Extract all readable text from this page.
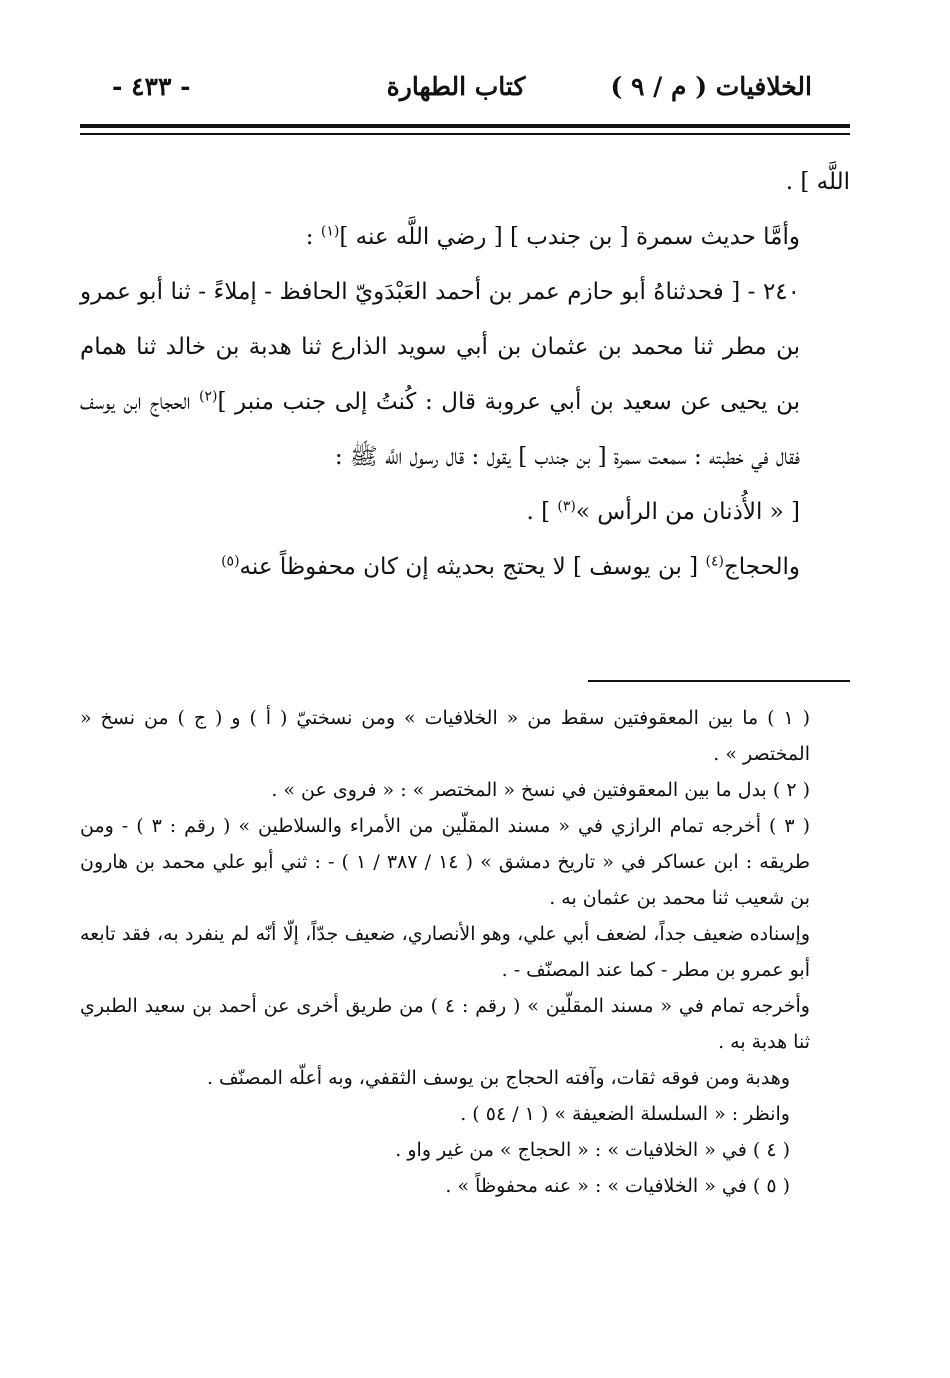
الخلافيات ( م / ٩ )
كتاب الطهارة
- ٤٣٣ -

اللَّه ] .

وأمَّا حديث سمرة [ بن جندب ] [ رضي اللَّه عنه ]$^{(١)}$ :

٢٤٠ - [ فحدثناهُ أبو حازم عمر بن أحمد العَبْدَويّ الحافظ - إملاءً - ثنا أبو عمرو بن مطر ثنا محمد بن عثمان بن أبي سويد الذارع ثنا هدبة بن خالد ثنا همام بن يحيى عن سعيد بن أبي عروبة قال : كُنتُ إلى جنب منبر ]$^{(٢)}$ الحجاج ابن يوسف فقال في خطبته : سمعت سمرة [ بن جندب ] يقول : قال رسول اللَّه ﷺ :

[ « الأُذنان من الرأس »$^{(٣)}$ ] .

والحجاج$^{(٤)}$ [ بن يوسف ] لا يحتج بحديثه إن كان محفوظاً عنه$^{(٥)}$

( ١ ) ما بين المعقوفتين سقط من « الخلافيات » ومن نسختيّ ( أ ) و ( ج ) من نسخ « المختصر » .

( ٢ ) بدل ما بين المعقوفتين في نسخ « المختصر » : « فروى عن » .

( ٣ ) أخرجه تمام الرازي في « مسند المقلّين من الأمراء والسلاطين » ( رقم : ٣ ) - ومن طريقه : ابن عساكر في « تاريخ دمشق » ( ١٤ / ٣٨٧ / ١ ) - : ثني أبو علي محمد بن هارون بن شعيب ثنا محمد بن عثمان به .

وإسناده ضعيف جداً، لضعف أبي علي، وهو الأنصاري، ضعيف جدّاً، إلّا أنّه لم ينفرد به، فقد تابعه أبو عمرو بن مطر - كما عند المصنّف - .

وأخرجه تمام في « مسند المقلّين » ( رقم : ٤ ) من طريق أخرى عن أحمد بن سعيد الطبري ثنا هدبة به .

وهدبة ومن فوقه ثقات، وآفته الحجاج بن يوسف الثقفي، وبه أعلّه المصنّف .

وانظر : « السلسلة الضعيفة » ( ١ / ٥٤ ) .

( ٤ ) في « الخلافيات » : « الحجاج » من غير واو .

( ٥ ) في « الخلافيات » : « عنه محفوظاً » .
